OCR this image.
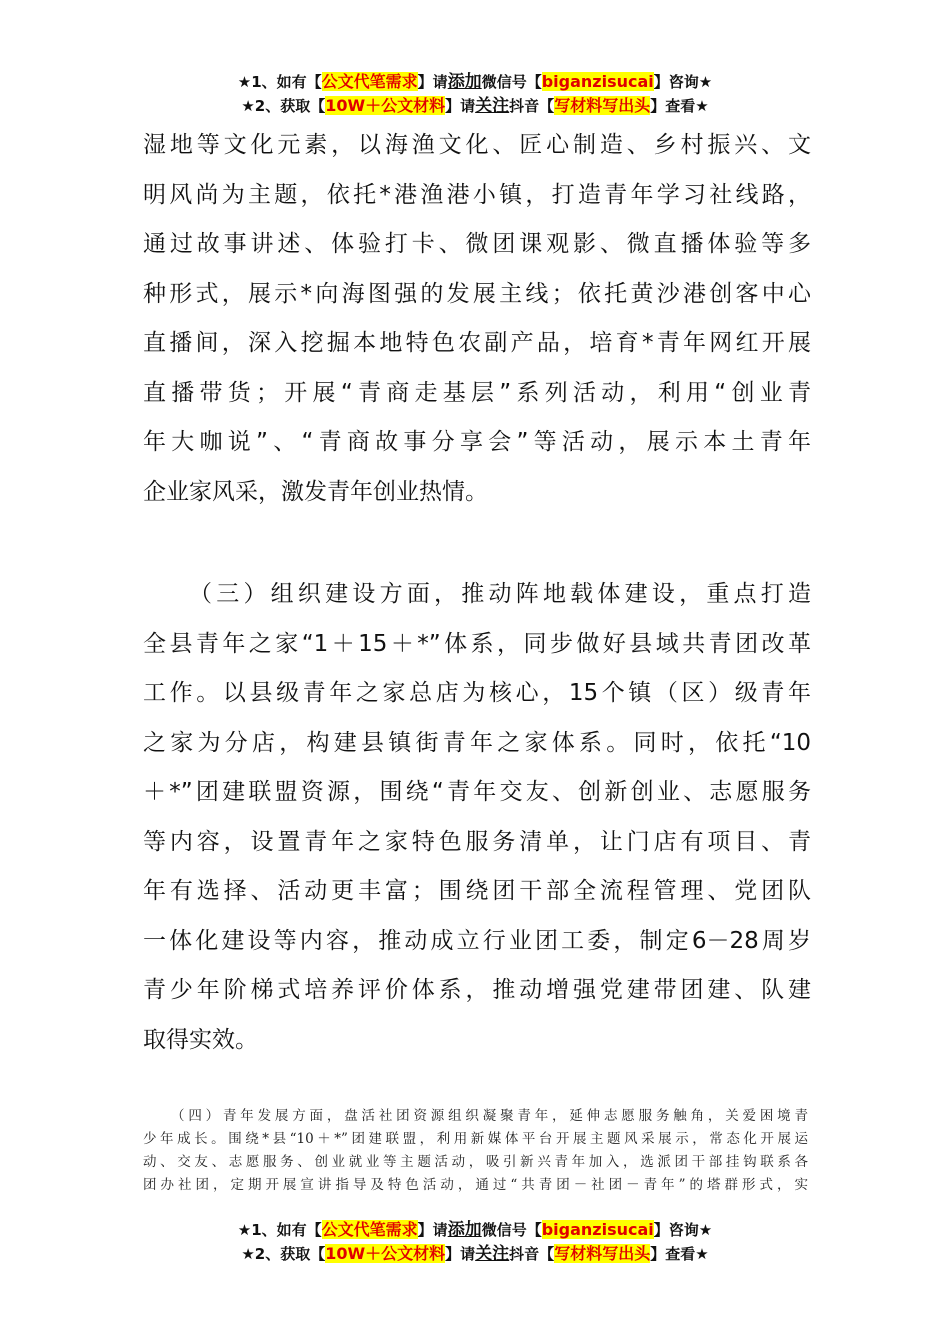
★1、如有【公文代笔需求】请添加微信号【biganzisucai】咨询★
★2、获取【10W＋公文材料】请关注抖音【写材料写出头】查看★
湿地等文化元素，以海渔文化、匠心制造、乡村振兴、文
明风尚为主题，依托*港渔港小镇，打造青年学习社线路，
通过故事讲述、体验打卡、微团课观影、微直播体验等多
种形式，展示*向海图强的发展主线；依托黄沙港创客中心
直播间，深入挖掘本地特色农副产品，培育*青年网红开展
直播带货；开展“青商走基层”系列活动，利用“创业青
年大咖说”、“青商故事分享会”等活动，展示本土青年
企业家风采，激发青年创业热情。
（三）组织建设方面，推动阵地载体建设，重点打造
全县青年之家“1＋15＋*”体系，同步做好县域共青团改革
工作。以县级青年之家总店为核心，15个镇（区）级青年
之家为分店，构建县镇街青年之家体系。同时，依托“10
＋*”团建联盟资源，围绕“青年交友、创新创业、志愿服务
等内容，设置青年之家特色服务清单，让门店有项目、青
年有选择、活动更丰富；围绕团干部全流程管理、党团队
一体化建设等内容，推动成立行业团工委，制定6－28周岁
青少年阶梯式培养评价体系，推动增强党建带团建、队建
取得实效。
（四）青年发展方面，盘活社团资源组织凝聚青年，延伸志愿服务触角，关爱困境青
少年成长。围绕*县“10＋*”团建联盟，利用新媒体平台开展主题风采展示，常态化开展运
动、交友、志愿服务、创业就业等主题活动，吸引新兴青年加入，选派团干部挂钩联系各
团办社团，定期开展宣讲指导及特色活动，通过“共青团－社团－青年”的塔群形式，实
★1、如有【公文代笔需求】请添加微信号【biganzisucai】咨询★
★2、获取【10W＋公文材料】请关注抖音【写材料写出头】查看★
